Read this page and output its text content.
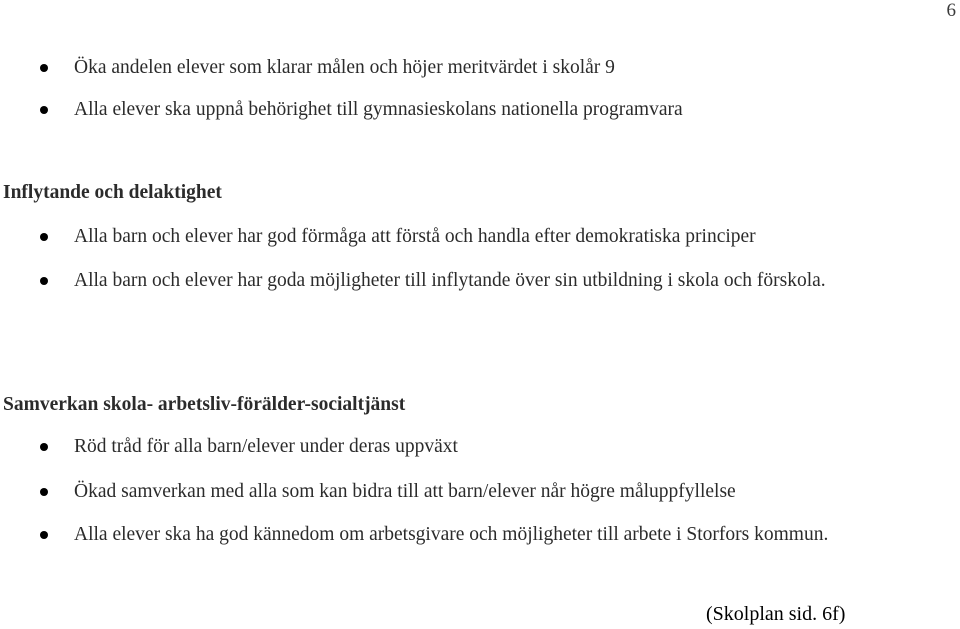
6
Öka andelen elever som klarar målen och höjer meritvärdet i skolår 9
Alla elever ska uppnå behörighet till gymnasieskolans nationella programvara
Inflytande och delaktighet
Alla barn och elever har god förmåga att förstå och handla efter demokratiska principer
Alla barn och elever har goda möjligheter till inflytande över sin utbildning i skola och förskola.
Samverkan skola- arbetsliv-förälder-socialtjänst
Röd tråd för alla barn/elever under deras uppväxt
Ökad samverkan med alla som kan bidra till att barn/elever når högre måluppfyllelse
Alla elever ska ha god kännedom om arbetsgivare och möjligheter till arbete i Storfors kommun.
(Skolplan sid. 6f)
